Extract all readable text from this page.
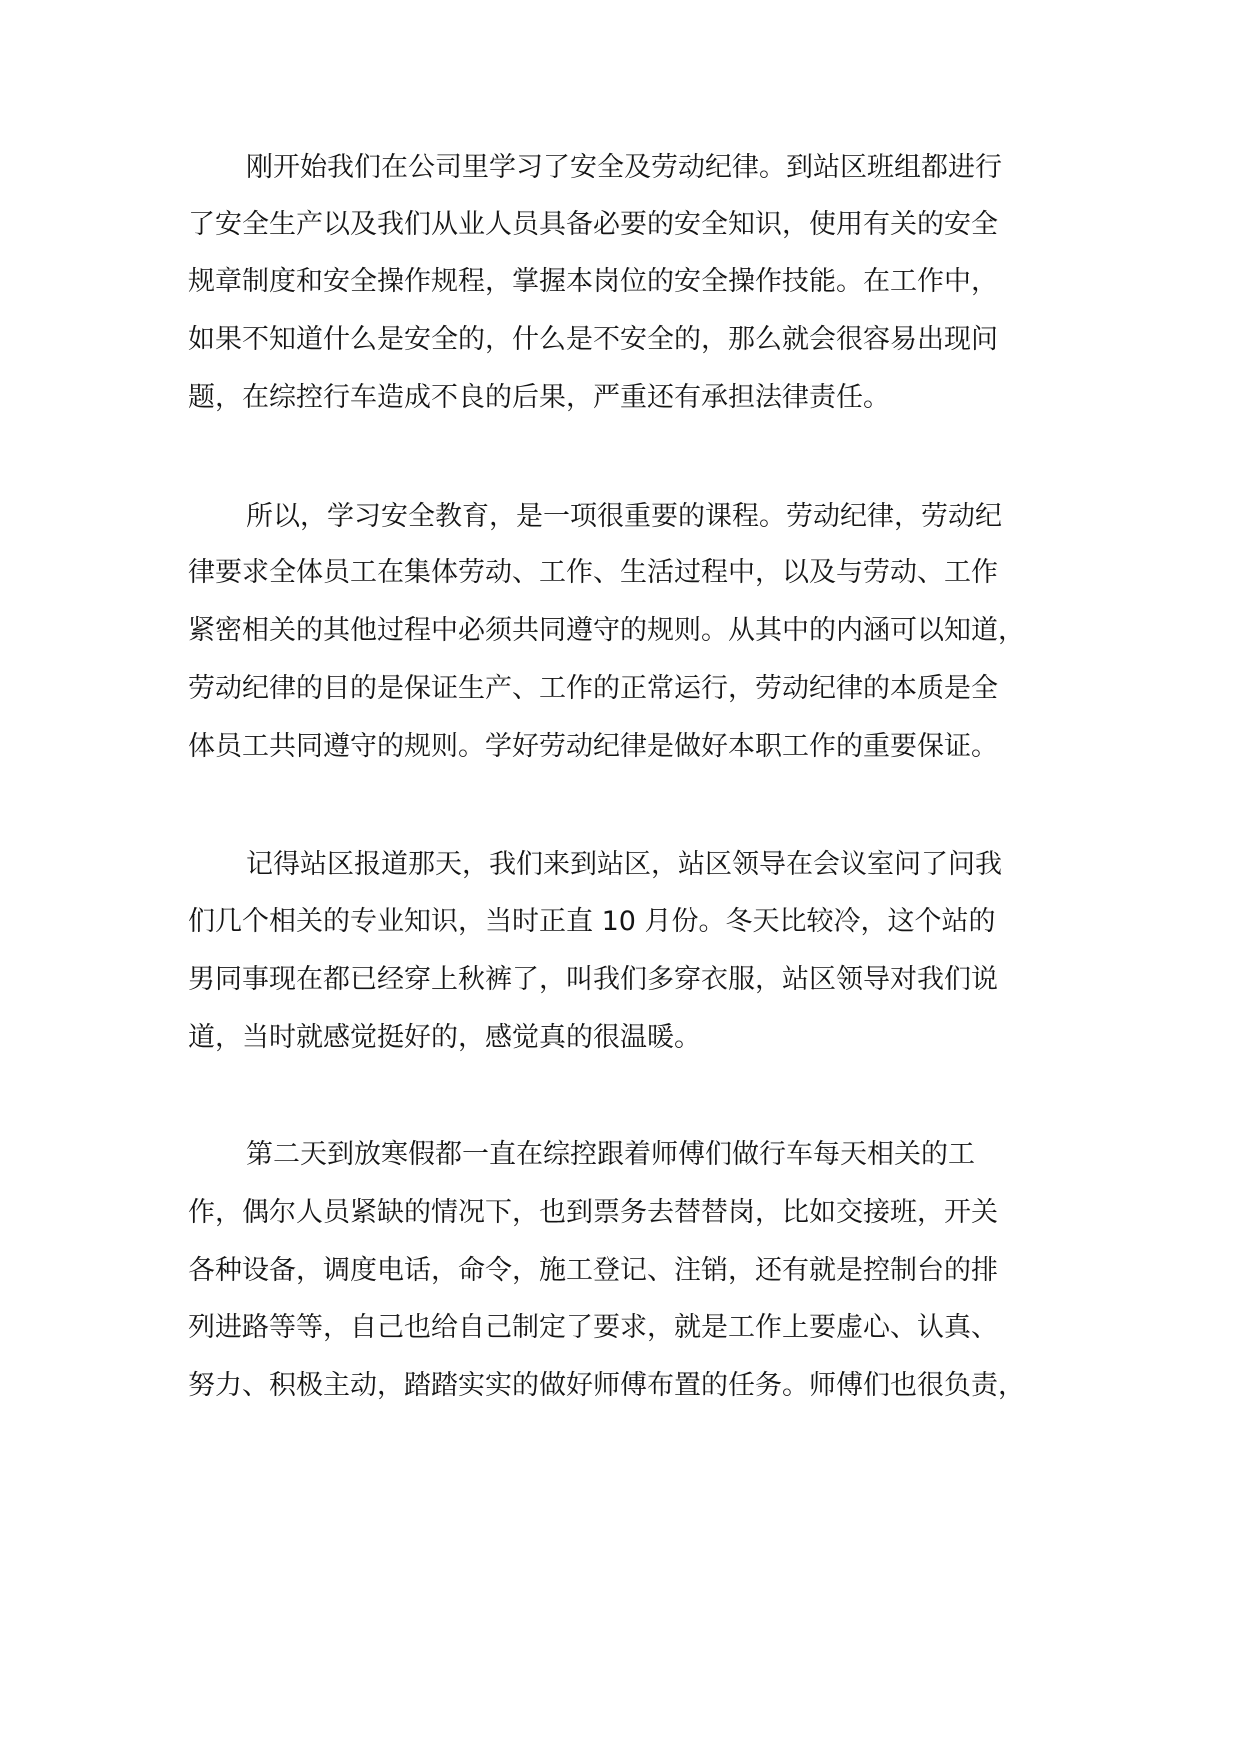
刚开始我们在公司里学习了安全及劳动纪律。到站区班组都进行
了安全生产以及我们从业人员具备必要的安全知识，使用有关的安全
规章制度和安全操作规程，掌握本岗位的安全操作技能。在工作中，
如果不知道什么是安全的，什么是不安全的，那么就会很容易出现问
题，在综控行车造成不良的后果，严重还有承担法律责任。
所以，学习安全教育，是一项很重要的课程。劳动纪律，劳动纪
律要求全体员工在集体劳动、工作、生活过程中，以及与劳动、工作
紧密相关的其他过程中必须共同遵守的规则。从其中的内涵可以知道，
劳动纪律的目的是保证生产、工作的正常运行，劳动纪律的本质是全
体员工共同遵守的规则。学好劳动纪律是做好本职工作的重要保证。
记得站区报道那天，我们来到站区，站区领导在会议室问了问我
们几个相关的专业知识，当时正直 10 月份。冬天比较冷，这个站的
男同事现在都已经穿上秋裤了，叫我们多穿衣服，站区领导对我们说
道，当时就感觉挺好的，感觉真的很温暖。
第二天到放寒假都一直在综控跟着师傅们做行车每天相关的工
作，偶尔人员紧缺的情况下，也到票务去替替岗，比如交接班，开关
各种设备，调度电话，命令，施工登记、注销，还有就是控制台的排
列进路等等，自己也给自己制定了要求，就是工作上要虚心、认真、
努力、积极主动，踏踏实实的做好师傅布置的任务。师傅们也很负责，
